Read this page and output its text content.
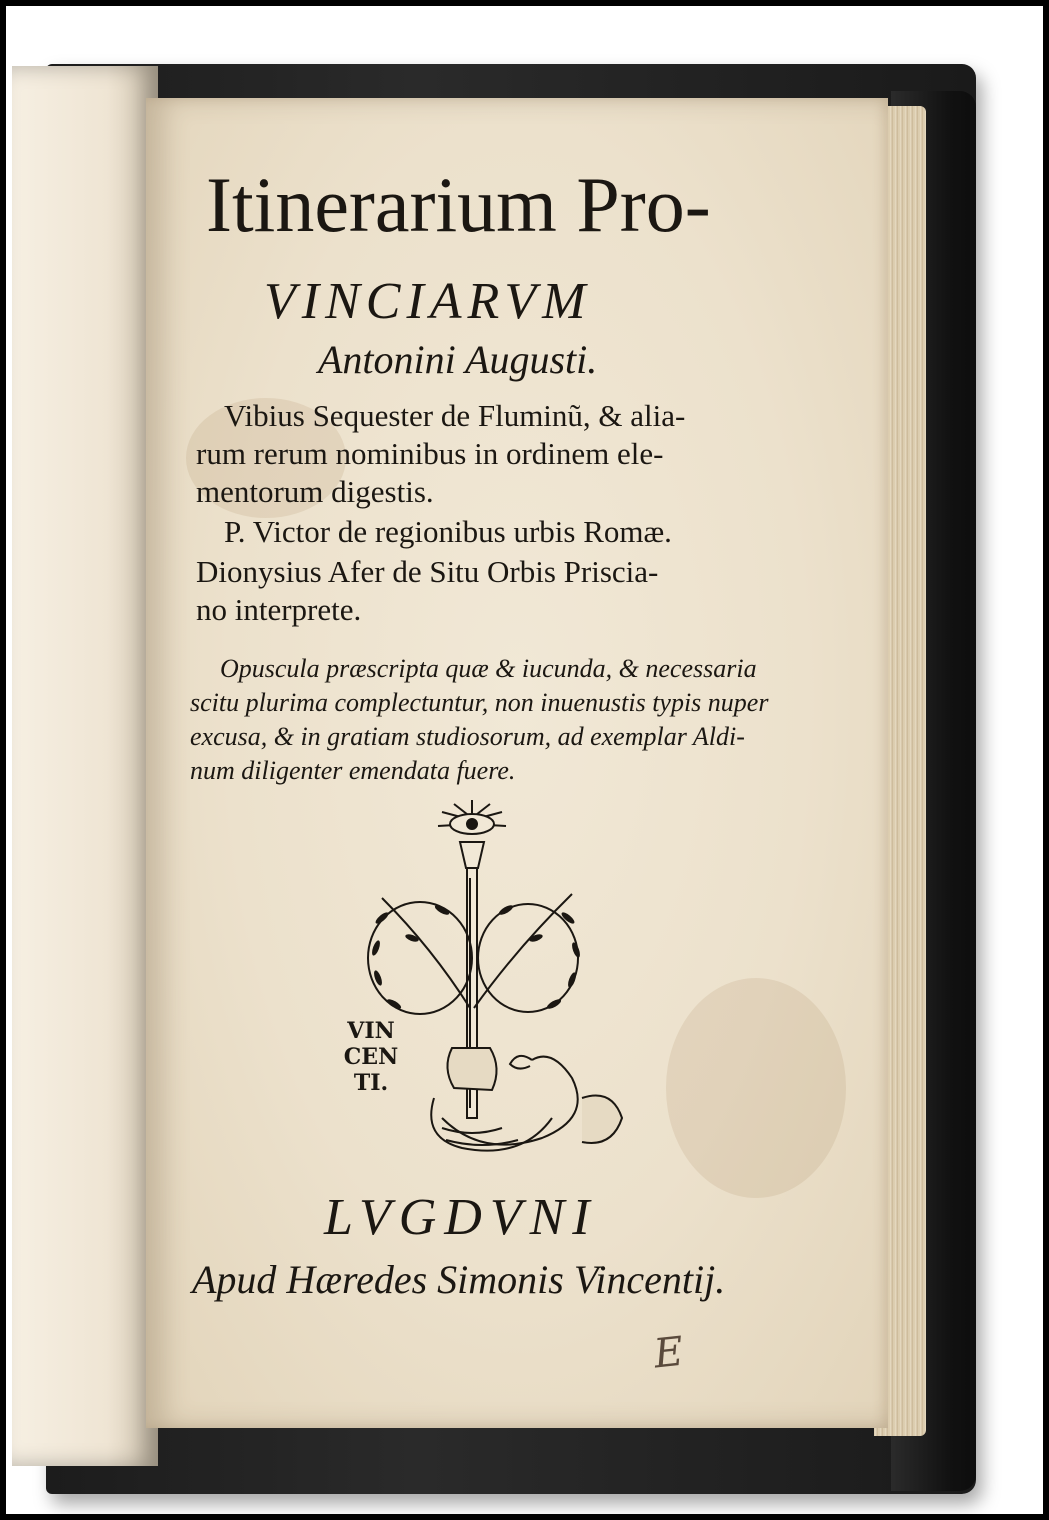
Itinerarium Pro-
VINCIARVM
Antonini Augusti.
Vibius Sequester de Fluminũ, & alia-
rum rerum nominibus in ordinem ele-
mentorum digestis.
P. Victor de regionibus urbis Romæ.
Dionysius Afer de Situ Orbis Prisciа-
no interprete.
Opuscula præscripta quæ & iucunda, & necessaria
scitu plurima complectuntur, non inuenustis typis nuper
excusa, & in gratiam studiosorum, ad exemplar Aldi-
num diligenter emendata fuere.
VIN
CEN
TI.
LVGDVNI
Apud Hæredes Simonis Vincentij.
E
